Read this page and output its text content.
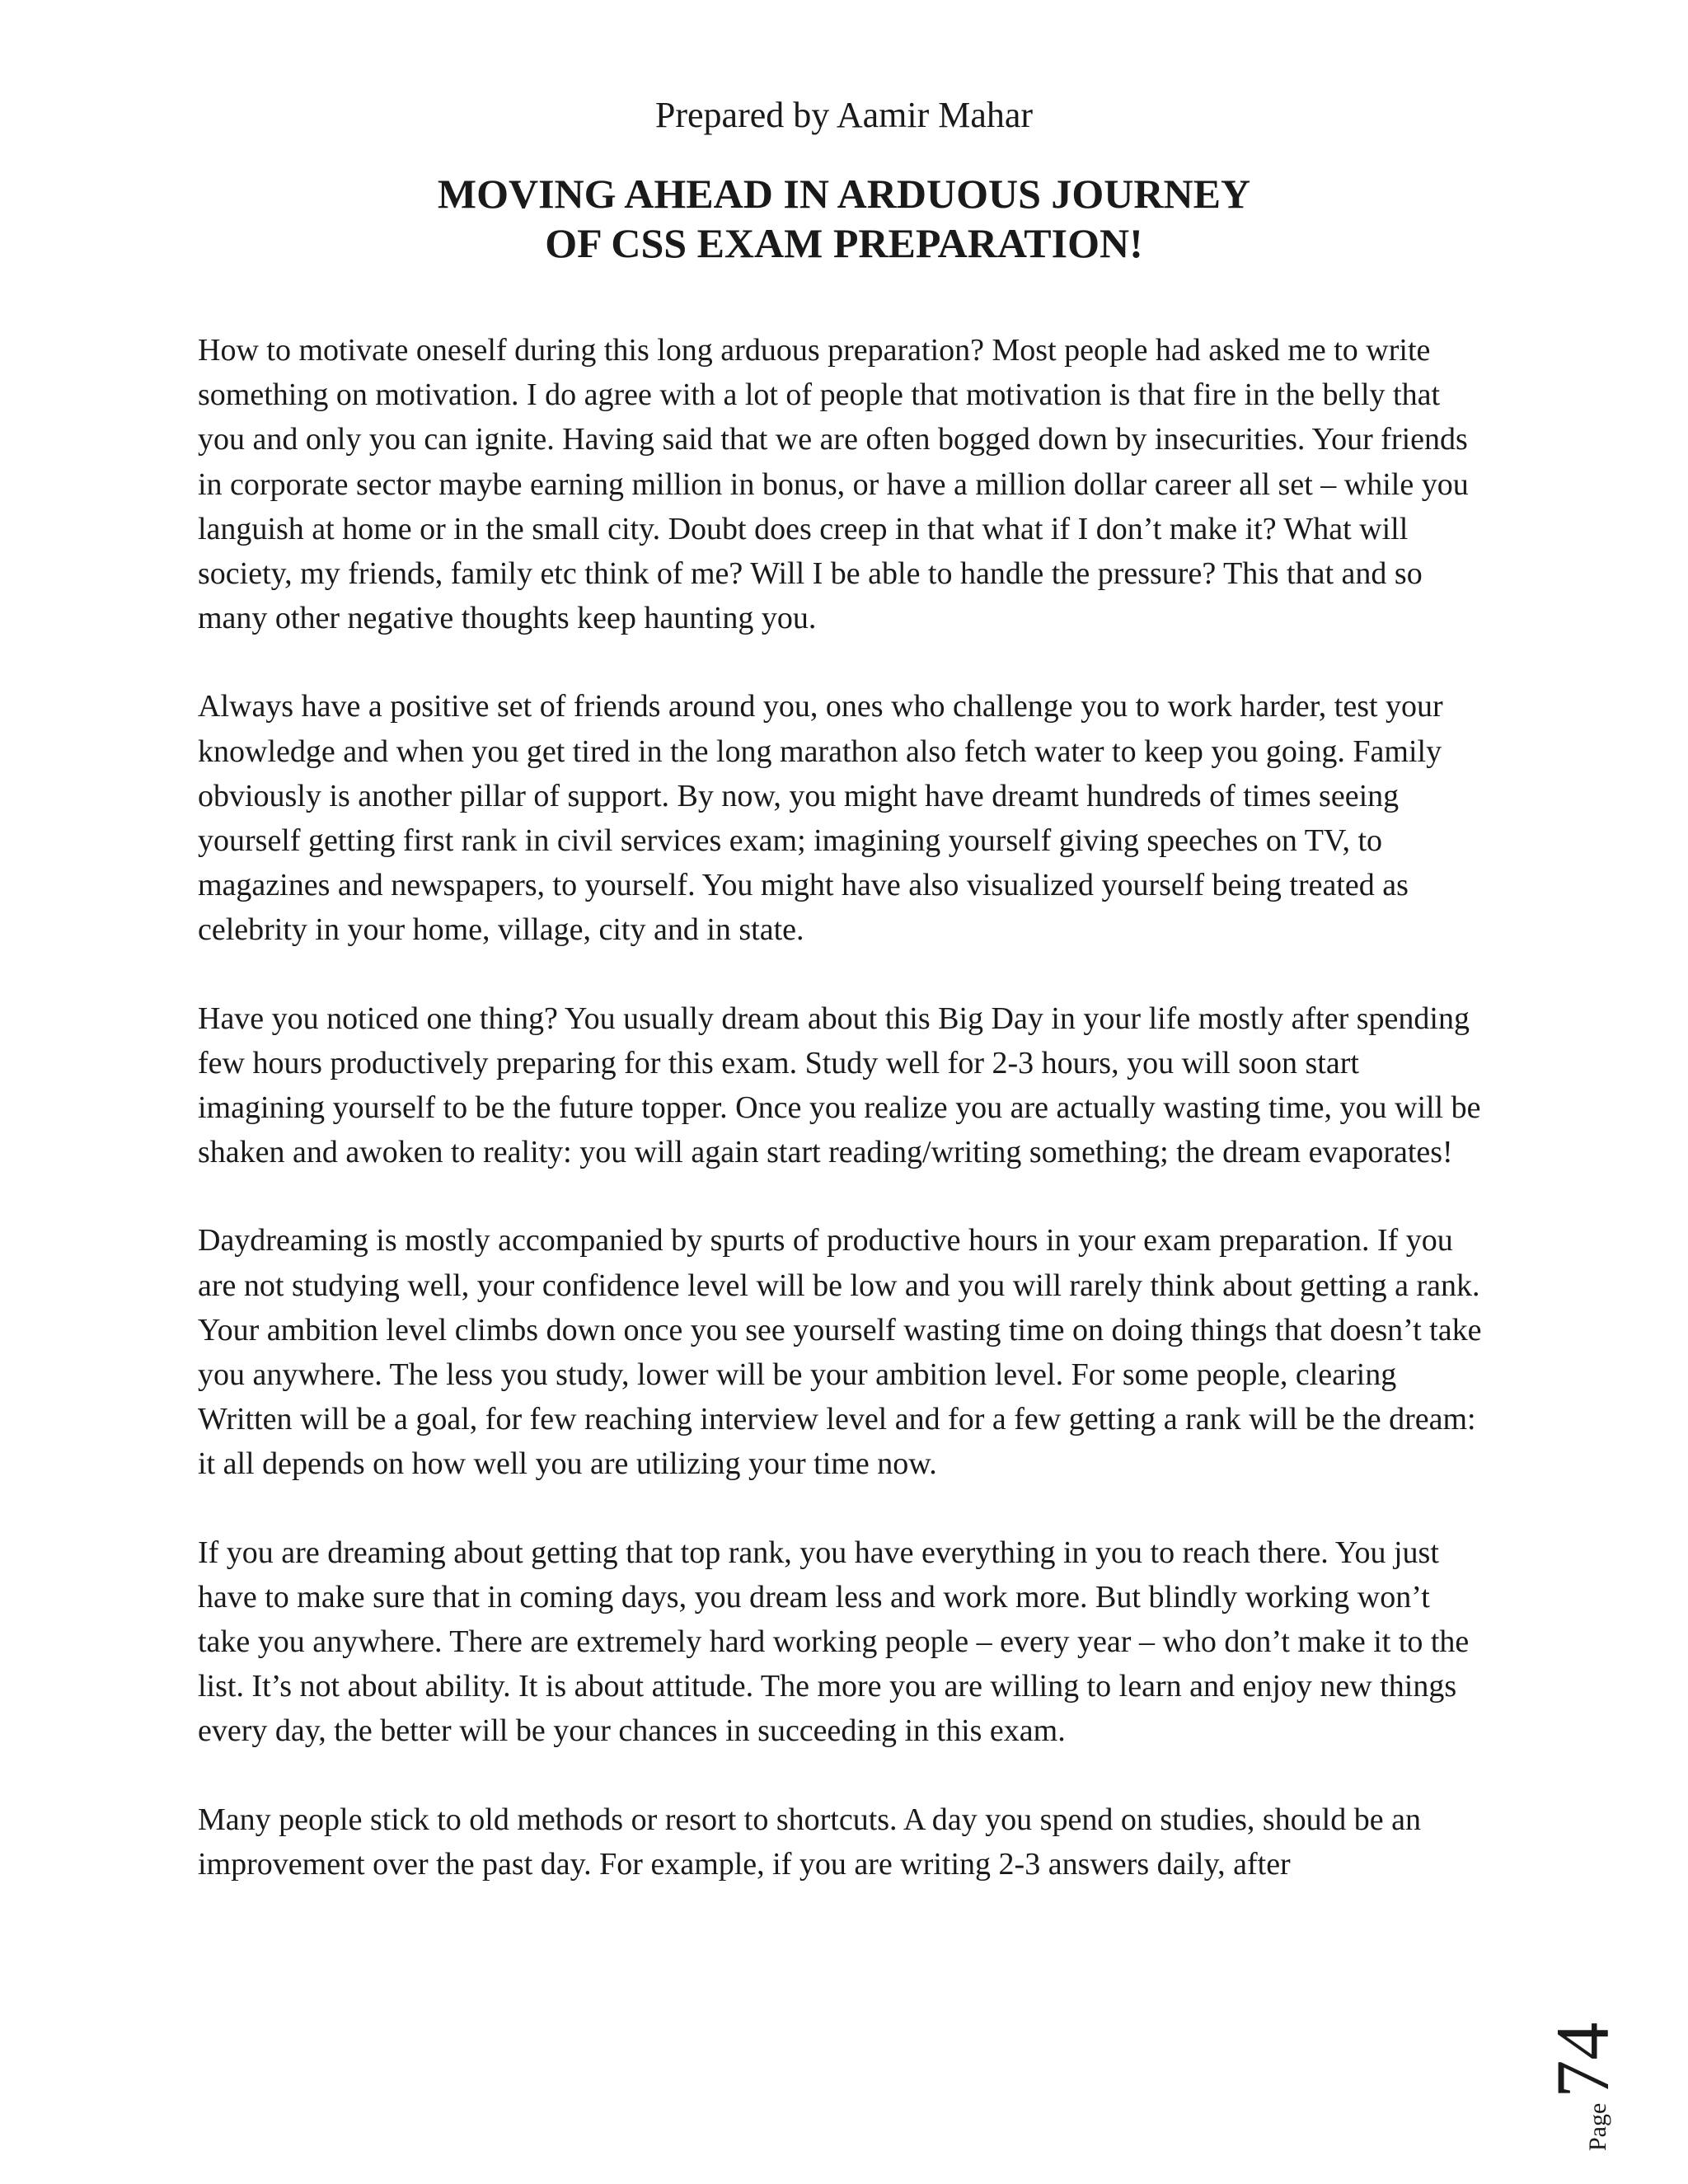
Prepared by Aamir Mahar

MOVING AHEAD IN ARDUOUS JOURNEY
OF CSS EXAM PREPARATION!

How to motivate oneself during this long arduous preparation? Most people had asked me to write something on motivation. I do agree with a lot of people that motivation is that fire in the belly that you and only you can ignite. Having said that we are often bogged down by insecurities. Your friends in corporate sector maybe earning million in bonus, or have a million dollar career all set – while you languish at home or in the small city. Doubt does creep in that what if I don’t make it? What will society, my friends, family etc think of me? Will I be able to handle the pressure? This that and so many other negative thoughts keep haunting you.

Always have a positive set of friends around you, ones who challenge you to work harder, test your knowledge and when you get tired in the long marathon also fetch water to keep you going. Family obviously is another pillar of support. By now, you might have dreamt hundreds of times seeing yourself getting first rank in civil services exam; imagining yourself giving speeches on TV, to magazines and newspapers, to yourself. You might have also visualized yourself being treated as celebrity in your home, village, city and in state.

Have you noticed one thing? You usually dream about this Big Day in your life mostly after spending few hours productively preparing for this exam. Study well for 2-3 hours, you will soon start imagining yourself to be the future topper. Once you realize you are actually wasting time, you will be shaken and awoken to reality: you will again start reading/writing something; the dream evaporates!

Daydreaming is mostly accompanied by spurts of productive hours in your exam preparation. If you are not studying well, your confidence level will be low and you will rarely think about getting a rank. Your ambition level climbs down once you see yourself wasting time on doing things that doesn’t take you anywhere. The less you study, lower will be your ambition level. For some people, clearing Written will be a goal, for few reaching interview level and for a few getting a rank will be the dream: it all depends on how well you are utilizing your time now.

If you are dreaming about getting that top rank, you have everything in you to reach there. You just have to make sure that in coming days, you dream less and work more. But blindly working won’t take you anywhere. There are extremely hard working people – every year – who don’t make it to the list. It’s not about ability. It is about attitude. The more you are willing to learn and enjoy new things every day, the better will be your chances in succeeding in this exam.

Many people stick to old methods or resort to shortcuts. A day you spend on studies, should be an improvement over the past day. For example, if you are writing 2-3 answers daily, after

Page
74
